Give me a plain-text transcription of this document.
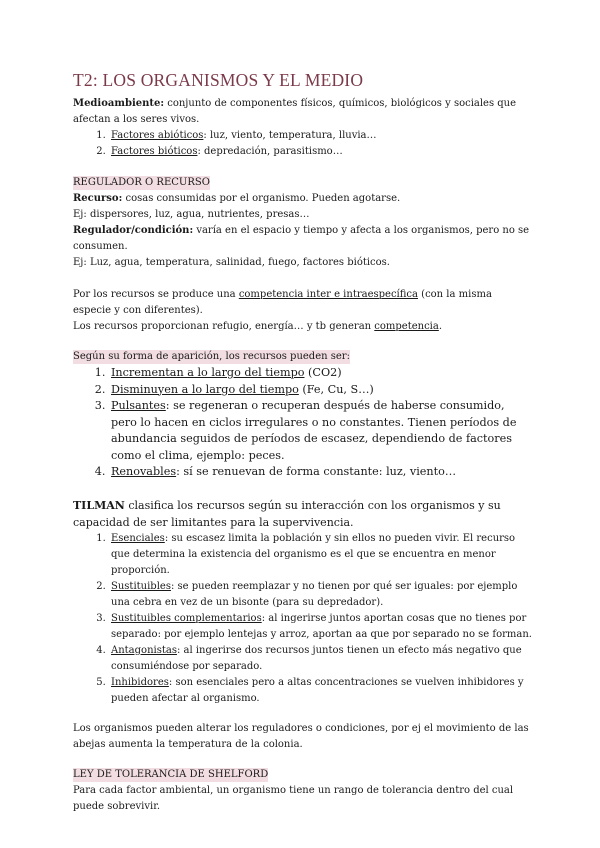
T2: LOS ORGANISMOS Y EL MEDIO

Medioambiente: conjunto de componentes físicos, químicos, biológicos y sociales que afectan a los seres vivos.

1. Factores abióticos: luz, viento, temperatura, lluvia…
2. Factores bióticos: depredación, parasitismo…

REGULADOR O RECURSO

Recurso: cosas consumidas por el organismo. Pueden agotarse.

Ej: dispersores, luz, agua, nutrientes, presas…

Regulador/condición: varía en el espacio y tiempo y afecta a los organismos, pero no se consumen.

Ej: Luz, agua, temperatura, salinidad, fuego, factores bióticos.

Por los recursos se produce una competencia inter e intraespecífica (con la misma especie y con diferentes).

Los recursos proporcionan refugio, energía… y tb generan competencia.

Según su forma de aparición, los recursos pueden ser:

1. Incrementan a lo largo del tiempo (CO2)
2. Disminuyen a lo largo del tiempo (Fe, Cu, S…)
3. Pulsantes: se regeneran o recuperan después de haberse consumido, pero lo hacen en ciclos irregulares o no constantes. Tienen períodos de abundancia seguidos de períodos de escasez, dependiendo de factores como el clima, ejemplo: peces.
4. Renovables: sí se renuevan de forma constante: luz, viento…

TILMAN clasifica los recursos según su interacción con los organismos y su capacidad de ser limitantes para la supervivencia.

1. Esenciales: su escasez limita la población y sin ellos no pueden vivir. El recurso que determina la existencia del organismo es el que se encuentra en menor proporción.
2. Sustituibles: se pueden reemplazar y no tienen por qué ser iguales: por ejemplo una cebra en vez de un bisonte (para su depredador).
3. Sustituibles complementarios: al ingerirse juntos aportan cosas que no tienes por separado: por ejemplo lentejas y arroz, aportan aa que por separado no se forman.
4. Antagonistas: al ingerirse dos recursos juntos tienen un efecto más negativo que consumiéndose por separado.
5. Inhibidores: son esenciales pero a altas concentraciones se vuelven inhibidores y pueden afectar al organismo.

Los organismos pueden alterar los reguladores o condiciones, por ej el movimiento de las abejas aumenta la temperatura de la colonia.

LEY DE TOLERANCIA DE SHELFORD

Para cada factor ambiental, un organismo tiene un rango de tolerancia dentro del cual puede sobrevivir.
